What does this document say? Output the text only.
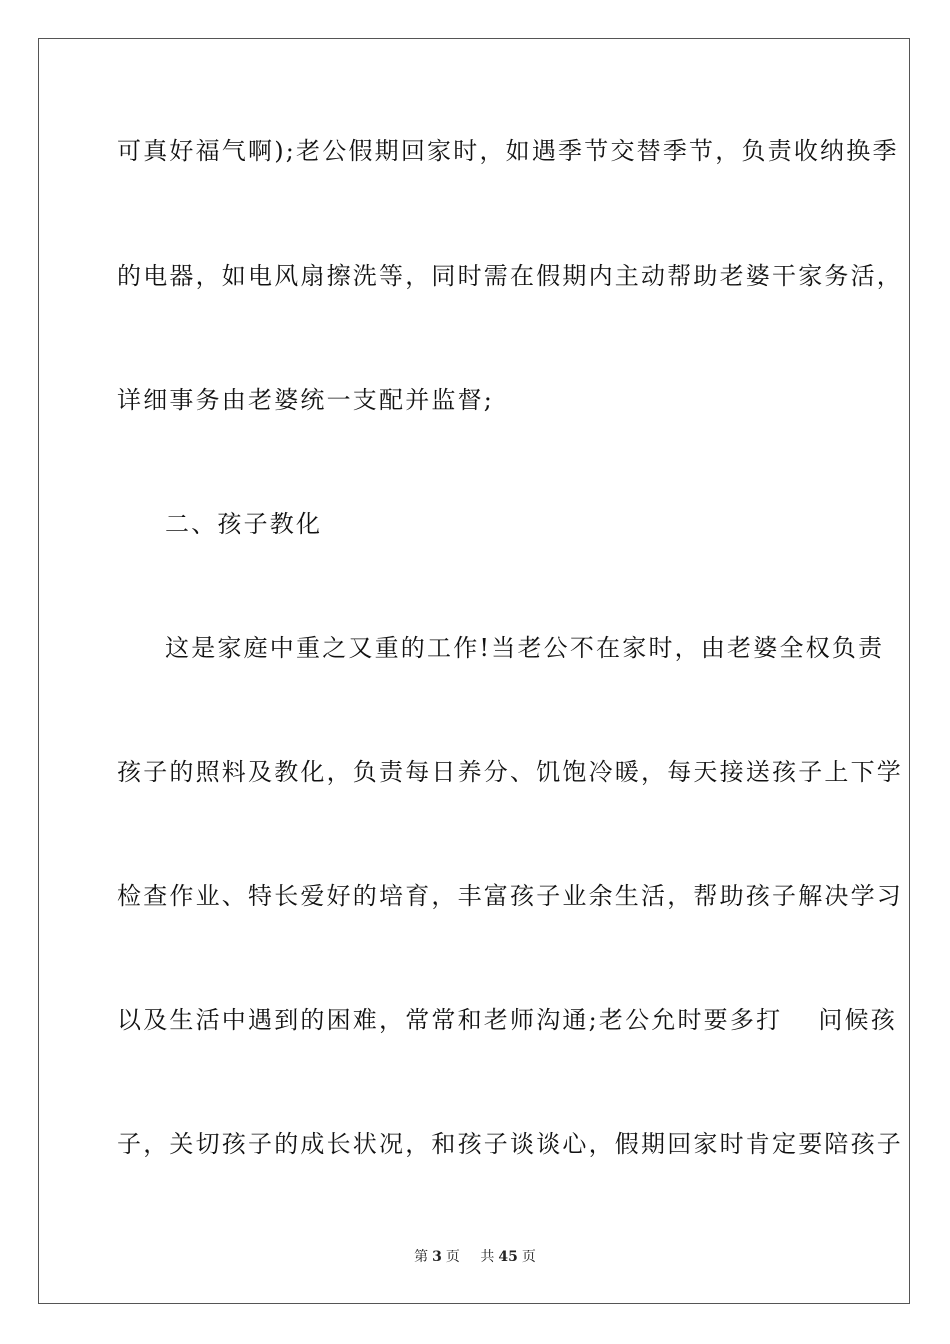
可真好福气啊);老公假期回家时，如遇季节交替季节，负责收纳换季
的电器，如电风扇擦洗等，同时需在假期内主动帮助老婆干家务活，
详细事务由老婆统一支配并监督;
二、孩子教化
这是家庭中重之又重的工作!当老公不在家时，由老婆全权负责
孩子的照料及教化，负责每日养分、饥饱冷暖，每天接送孩子上下学
检查作业、特长爱好的培育，丰富孩子业余生活，帮助孩子解决学习
以及生活中遇到的困难，常常和老师沟通;老公允时要多打　 问候孩
子，关切孩子的成长状况，和孩子谈谈心，假期回家时肯定要陪孩子
第 3 页 共 45 页
